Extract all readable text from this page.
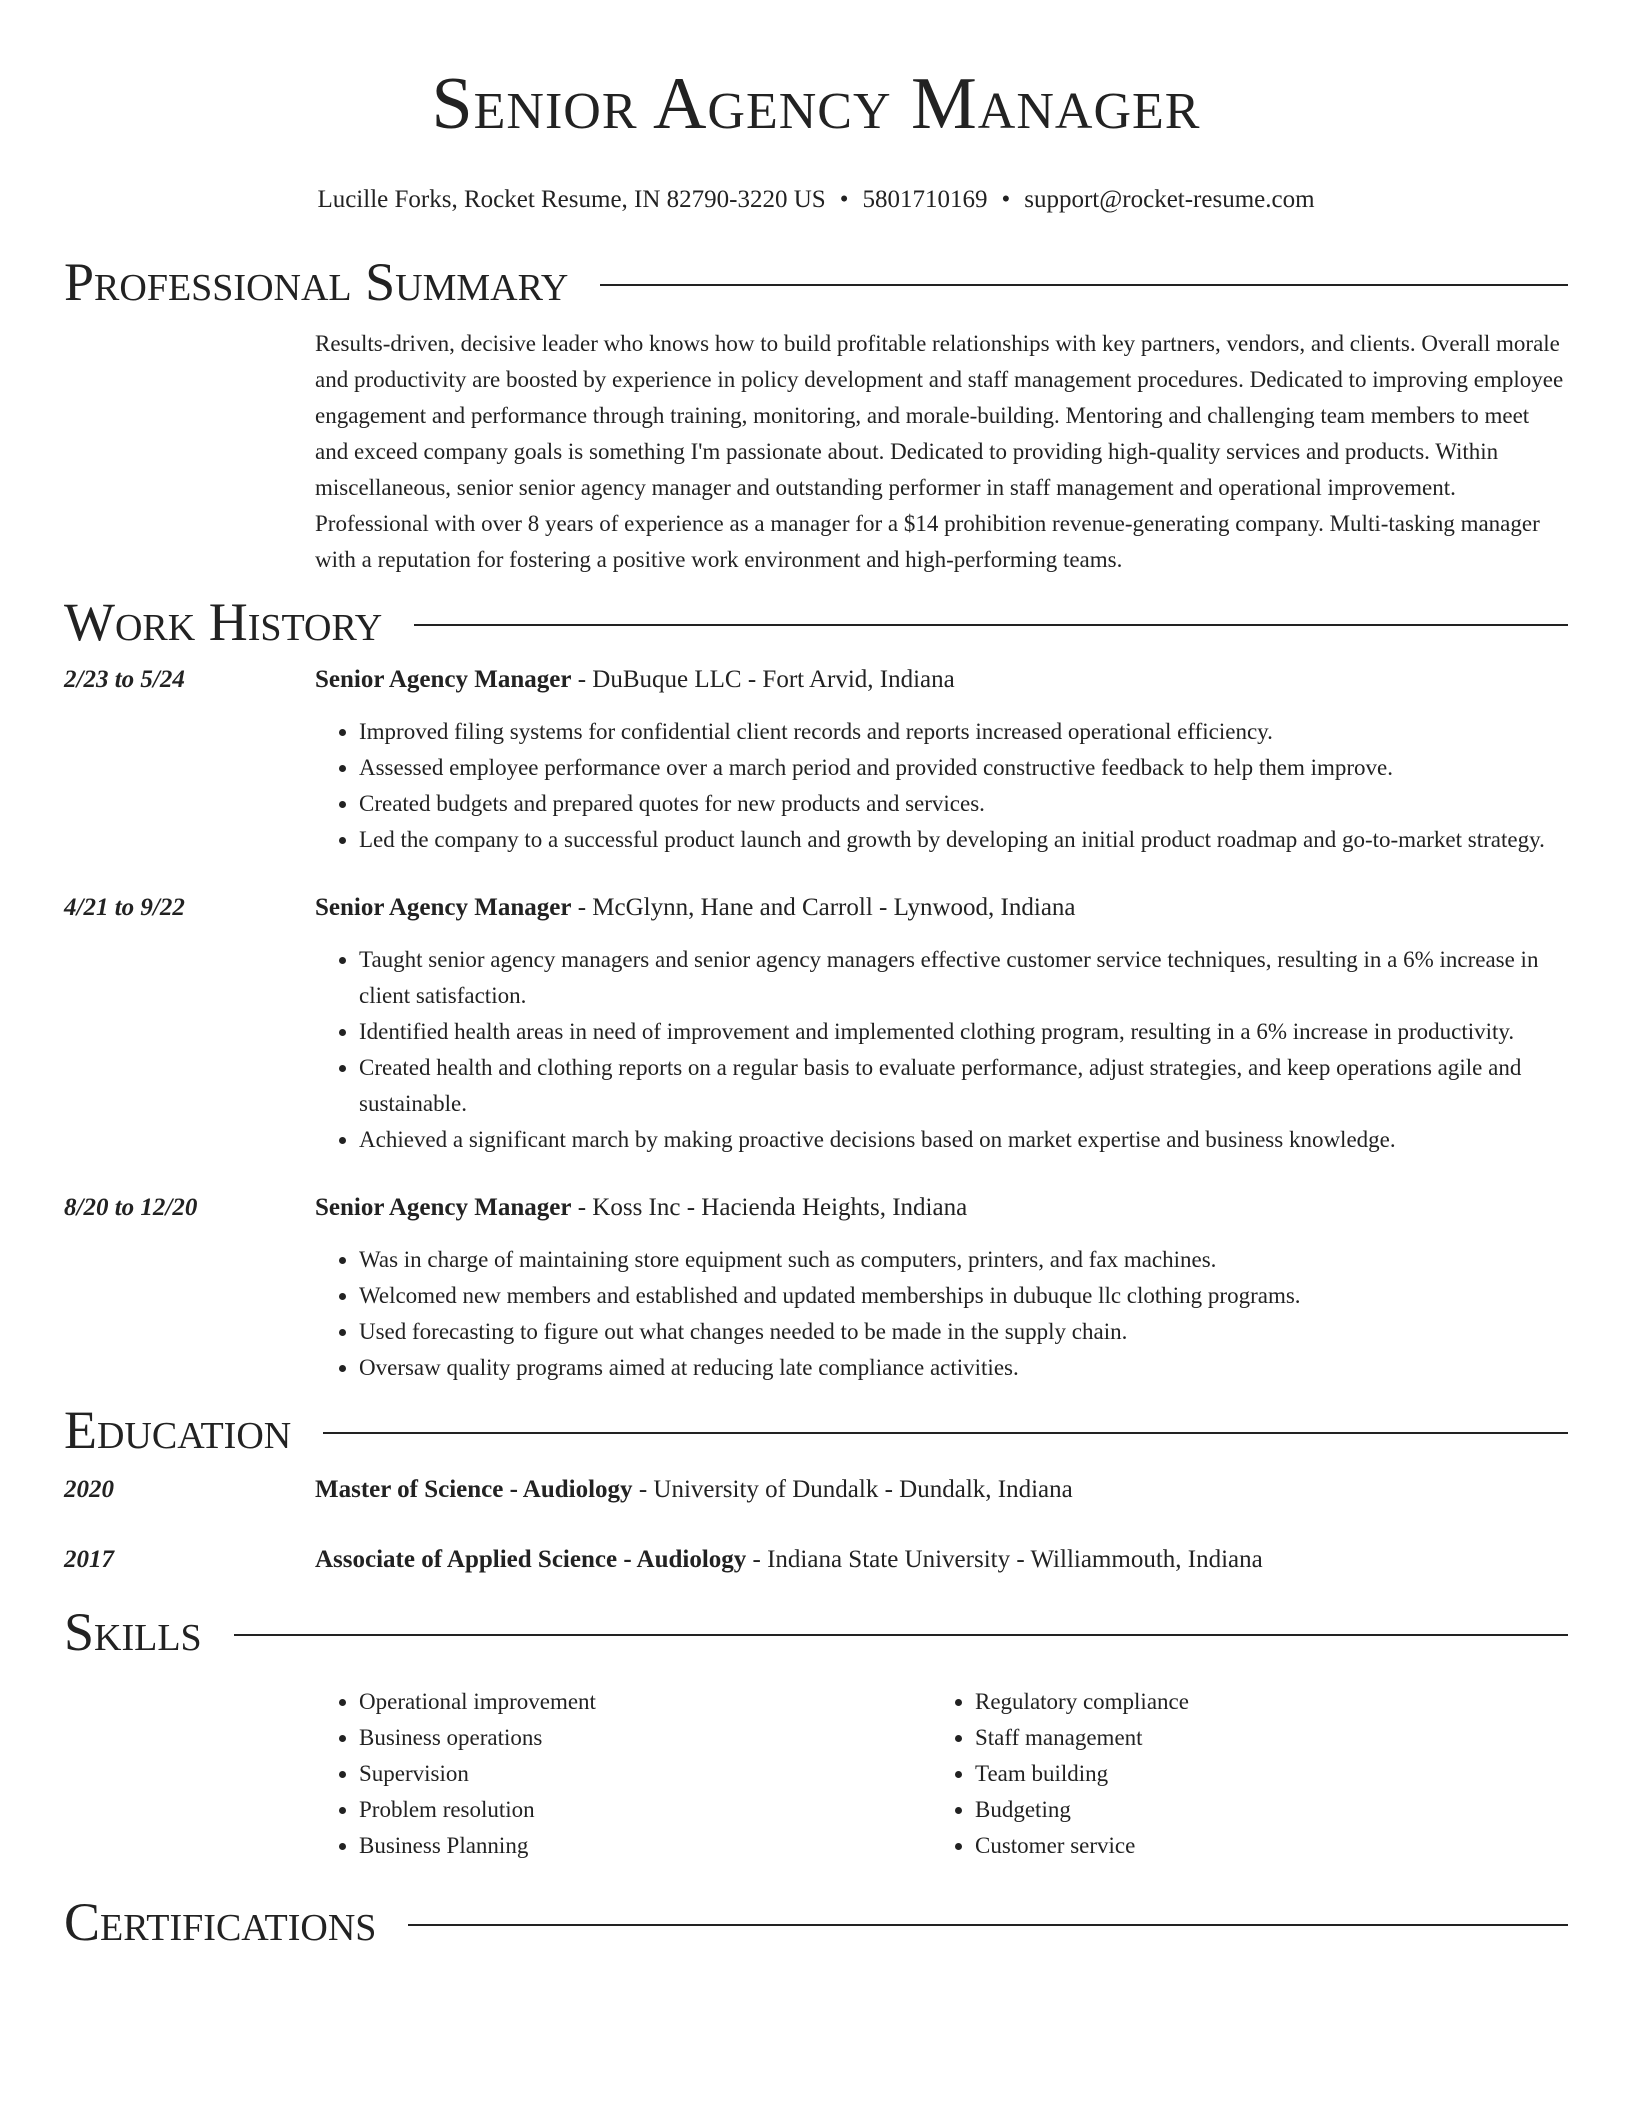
Senior Agency Manager
Lucille Forks, Rocket Resume, IN 82790-3220 US • 5801710169 • support@rocket-resume.com
Professional Summary
Results-driven, decisive leader who knows how to build profitable relationships with key partners, vendors, and clients. Overall morale and productivity are boosted by experience in policy development and staff management procedures. Dedicated to improving employee engagement and performance through training, monitoring, and morale-building. Mentoring and challenging team members to meet and exceed company goals is something I'm passionate about. Dedicated to providing high-quality services and products. Within miscellaneous, senior senior agency manager and outstanding performer in staff management and operational improvement. Professional with over 8 years of experience as a manager for a $14 prohibition revenue-generating company. Multi-tasking manager with a reputation for fostering a positive work environment and high-performing teams.
Work History
2/23 to 5/24	Senior Agency Manager - DuBuque LLC - Fort Arvid, Indiana
• Improved filing systems for confidential client records and reports increased operational efficiency.
• Assessed employee performance over a march period and provided constructive feedback to help them improve.
• Created budgets and prepared quotes for new products and services.
• Led the company to a successful product launch and growth by developing an initial product roadmap and go-to-market strategy.
4/21 to 9/22	Senior Agency Manager - McGlynn, Hane and Carroll - Lynwood, Indiana
• Taught senior agency managers and senior agency managers effective customer service techniques, resulting in a 6% increase in client satisfaction.
• Identified health areas in need of improvement and implemented clothing program, resulting in a 6% increase in productivity.
• Created health and clothing reports on a regular basis to evaluate performance, adjust strategies, and keep operations agile and sustainable.
• Achieved a significant march by making proactive decisions based on market expertise and business knowledge.
8/20 to 12/20	Senior Agency Manager - Koss Inc - Hacienda Heights, Indiana
• Was in charge of maintaining store equipment such as computers, printers, and fax machines.
• Welcomed new members and established and updated memberships in dubuque llc clothing programs.
• Used forecasting to figure out what changes needed to be made in the supply chain.
• Oversaw quality programs aimed at reducing late compliance activities.
Education
2020	Master of Science - Audiology - University of Dundalk - Dundalk, Indiana
2017	Associate of Applied Science - Audiology - Indiana State University - Williammouth, Indiana
Skills
• Operational improvement
• Business operations
• Supervision
• Problem resolution
• Business Planning
• Regulatory compliance
• Staff management
• Team building
• Budgeting
• Customer service
Certifications
